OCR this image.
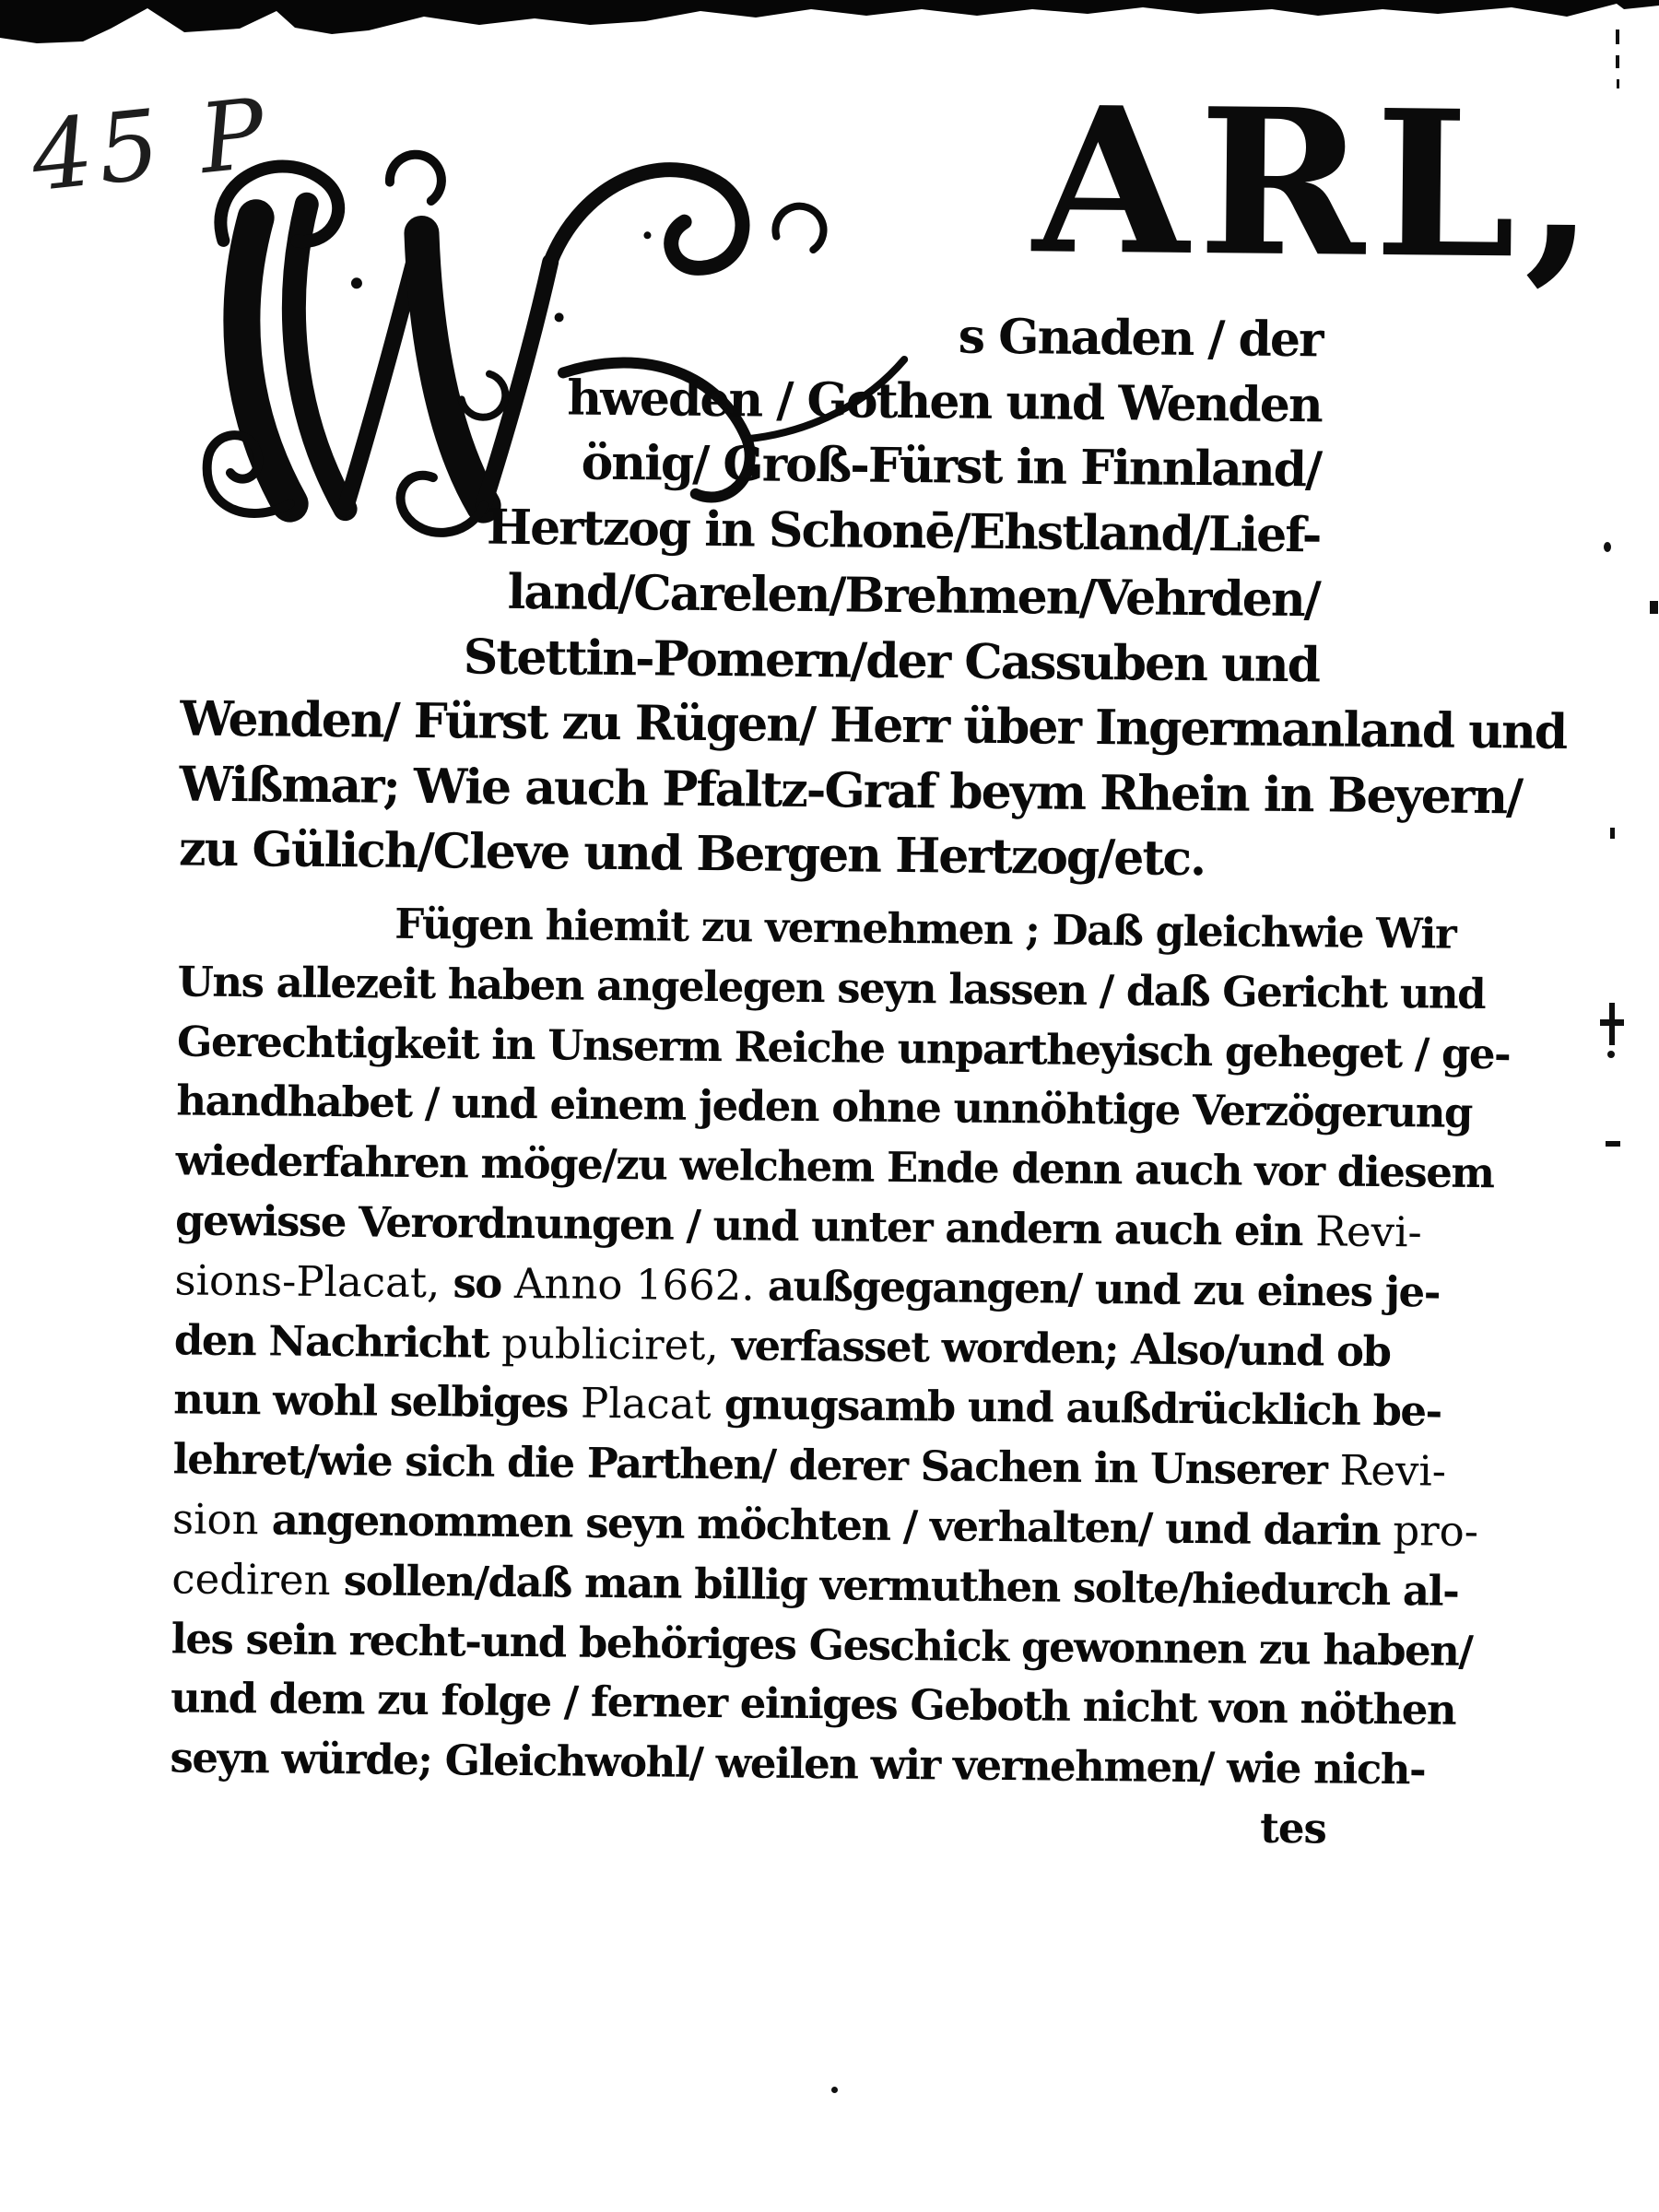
45 P	ARL,
s Gnaden / der
hweden / Gothen und Wenden
önig/ Groß-Fürst in Finnland/
Hertzog in Schonē/Ehstland/Lief-
land/Carelen/Brehmen/Vehrden/
Stettin-Pomern/der Cassuben und
Wenden/ Fürst zu Rügen/ Herr über Ingermanland und
Wißmar; Wie auch Pfaltz-Graf beym Rhein in Beyern/
zu Gülich/Cleve und Bergen Hertzog/etc.
Fügen hiemit zu vernehmen ; Daß gleichwie Wir
Uns allezeit haben angelegen seyn lassen / daß Gericht und
Gerechtigkeit in Unserm Reiche unpartheyisch geheget / ge-
handhabet / und einem jeden ohne unnöhtige Verzögerung
wiederfahren möge/zu welchem Ende denn auch vor diesem
gewisse Verordnungen / und unter andern auch ein Revi-
sions-Placat, so Anno 1662. außgegangen/ und zu eines je-
den Nachricht publiciret, verfasset worden; Also/und ob
nun wohl selbiges Placat gnugsamb und außdrücklich be-
lehret/wie sich die Parthen/ derer Sachen in Unserer Revi-
sion angenommen seyn möchten / verhalten/ und darin pro-
cediren sollen/daß man billig vermuthen solte/hiedurch al-
les sein recht-und behöriges Geschick gewonnen zu haben/
und dem zu folge / ferner einiges Geboth nicht von nöthen
seyn würde; Gleichwohl/ weilen wir vernehmen/ wie nich-
tes
